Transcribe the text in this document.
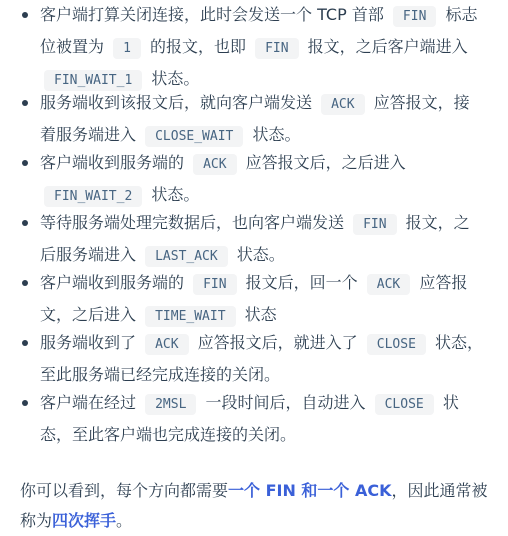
客户端打算关闭连接，此时会发送一个 TCP 首部 FIN 标志位被置为 1 的报文，也即 FIN 报文，之后客户端进入 FIN_WAIT_1 状态。
服务端收到该报文后，就向客户端发送 ACK 应答报文，接着服务端进入 CLOSE_WAIT 状态。
客户端收到服务端的 ACK 应答报文后，之后进入 FIN_WAIT_2 状态。
等待服务端处理完数据后，也向客户端发送 FIN 报文，之后服务端进入 LAST_ACK 状态。
客户端收到服务端的 FIN 报文后，回一个 ACK 应答报文，之后进入 TIME_WAIT 状态
服务端收到了 ACK 应答报文后，就进入了 CLOSE 状态，至此服务端已经完成连接的关闭。
客户端在经过 2MSL 一段时间后，自动进入 CLOSE 状态，至此客户端也完成连接的关闭。

你可以看到，每个方向都需要一个 FIN 和一个 ACK，因此通常被称为四次挥手。
